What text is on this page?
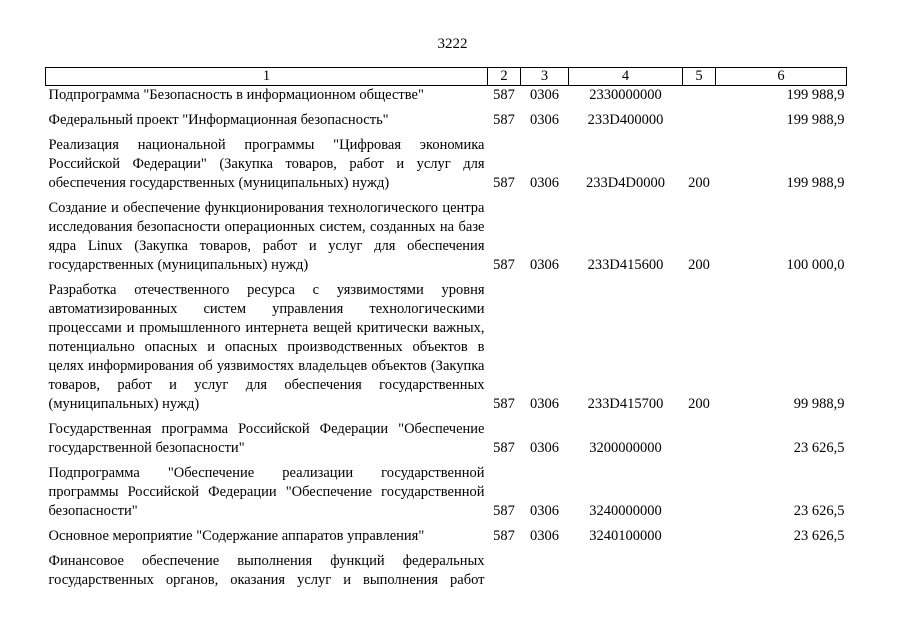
3222
1	2	3	4	5	6
Подпрограмма "Безопасность в информационном обществе"	587	0306	2330000000		199 988,9
Федеральный проект "Информационная безопасность"	587	0306	233D400000		199 988,9
Реализация национальной программы "Цифровая экономика Российской Федерации" (Закупка товаров, работ и услуг для обеспечения государственных (муниципальных) нужд)	587	0306	233D4D0000	200	199 988,9
Создание и обеспечение функционирования технологического центра исследования безопасности операционных систем, созданных на базе ядра Linux (Закупка товаров, работ и услуг для обеспечения государственных (муниципальных) нужд)	587	0306	233D415600	200	100 000,0
Разработка отечественного ресурса с уязвимостями уровня автоматизированных систем управления технологическими процессами и промышленного интернета вещей критически важных, потенциально опасных и опасных производственных объектов в целях информирования об уязвимостях владельцев объектов (Закупка товаров, работ и услуг для обеспечения государственных (муниципальных) нужд)	587	0306	233D415700	200	99 988,9
Государственная программа Российской Федерации "Обеспечение государственной безопасности"	587	0306	3200000000		23 626,5
Подпрограмма "Обеспечение реализации государственной программы Российской Федерации "Обеспечение государственной безопасности"	587	0306	3240000000		23 626,5
Основное мероприятие "Содержание аппаратов управления"	587	0306	3240100000		23 626,5
Финансовое обеспечение выполнения функций федеральных государственных органов, оказания услуг и выполнения работ					
